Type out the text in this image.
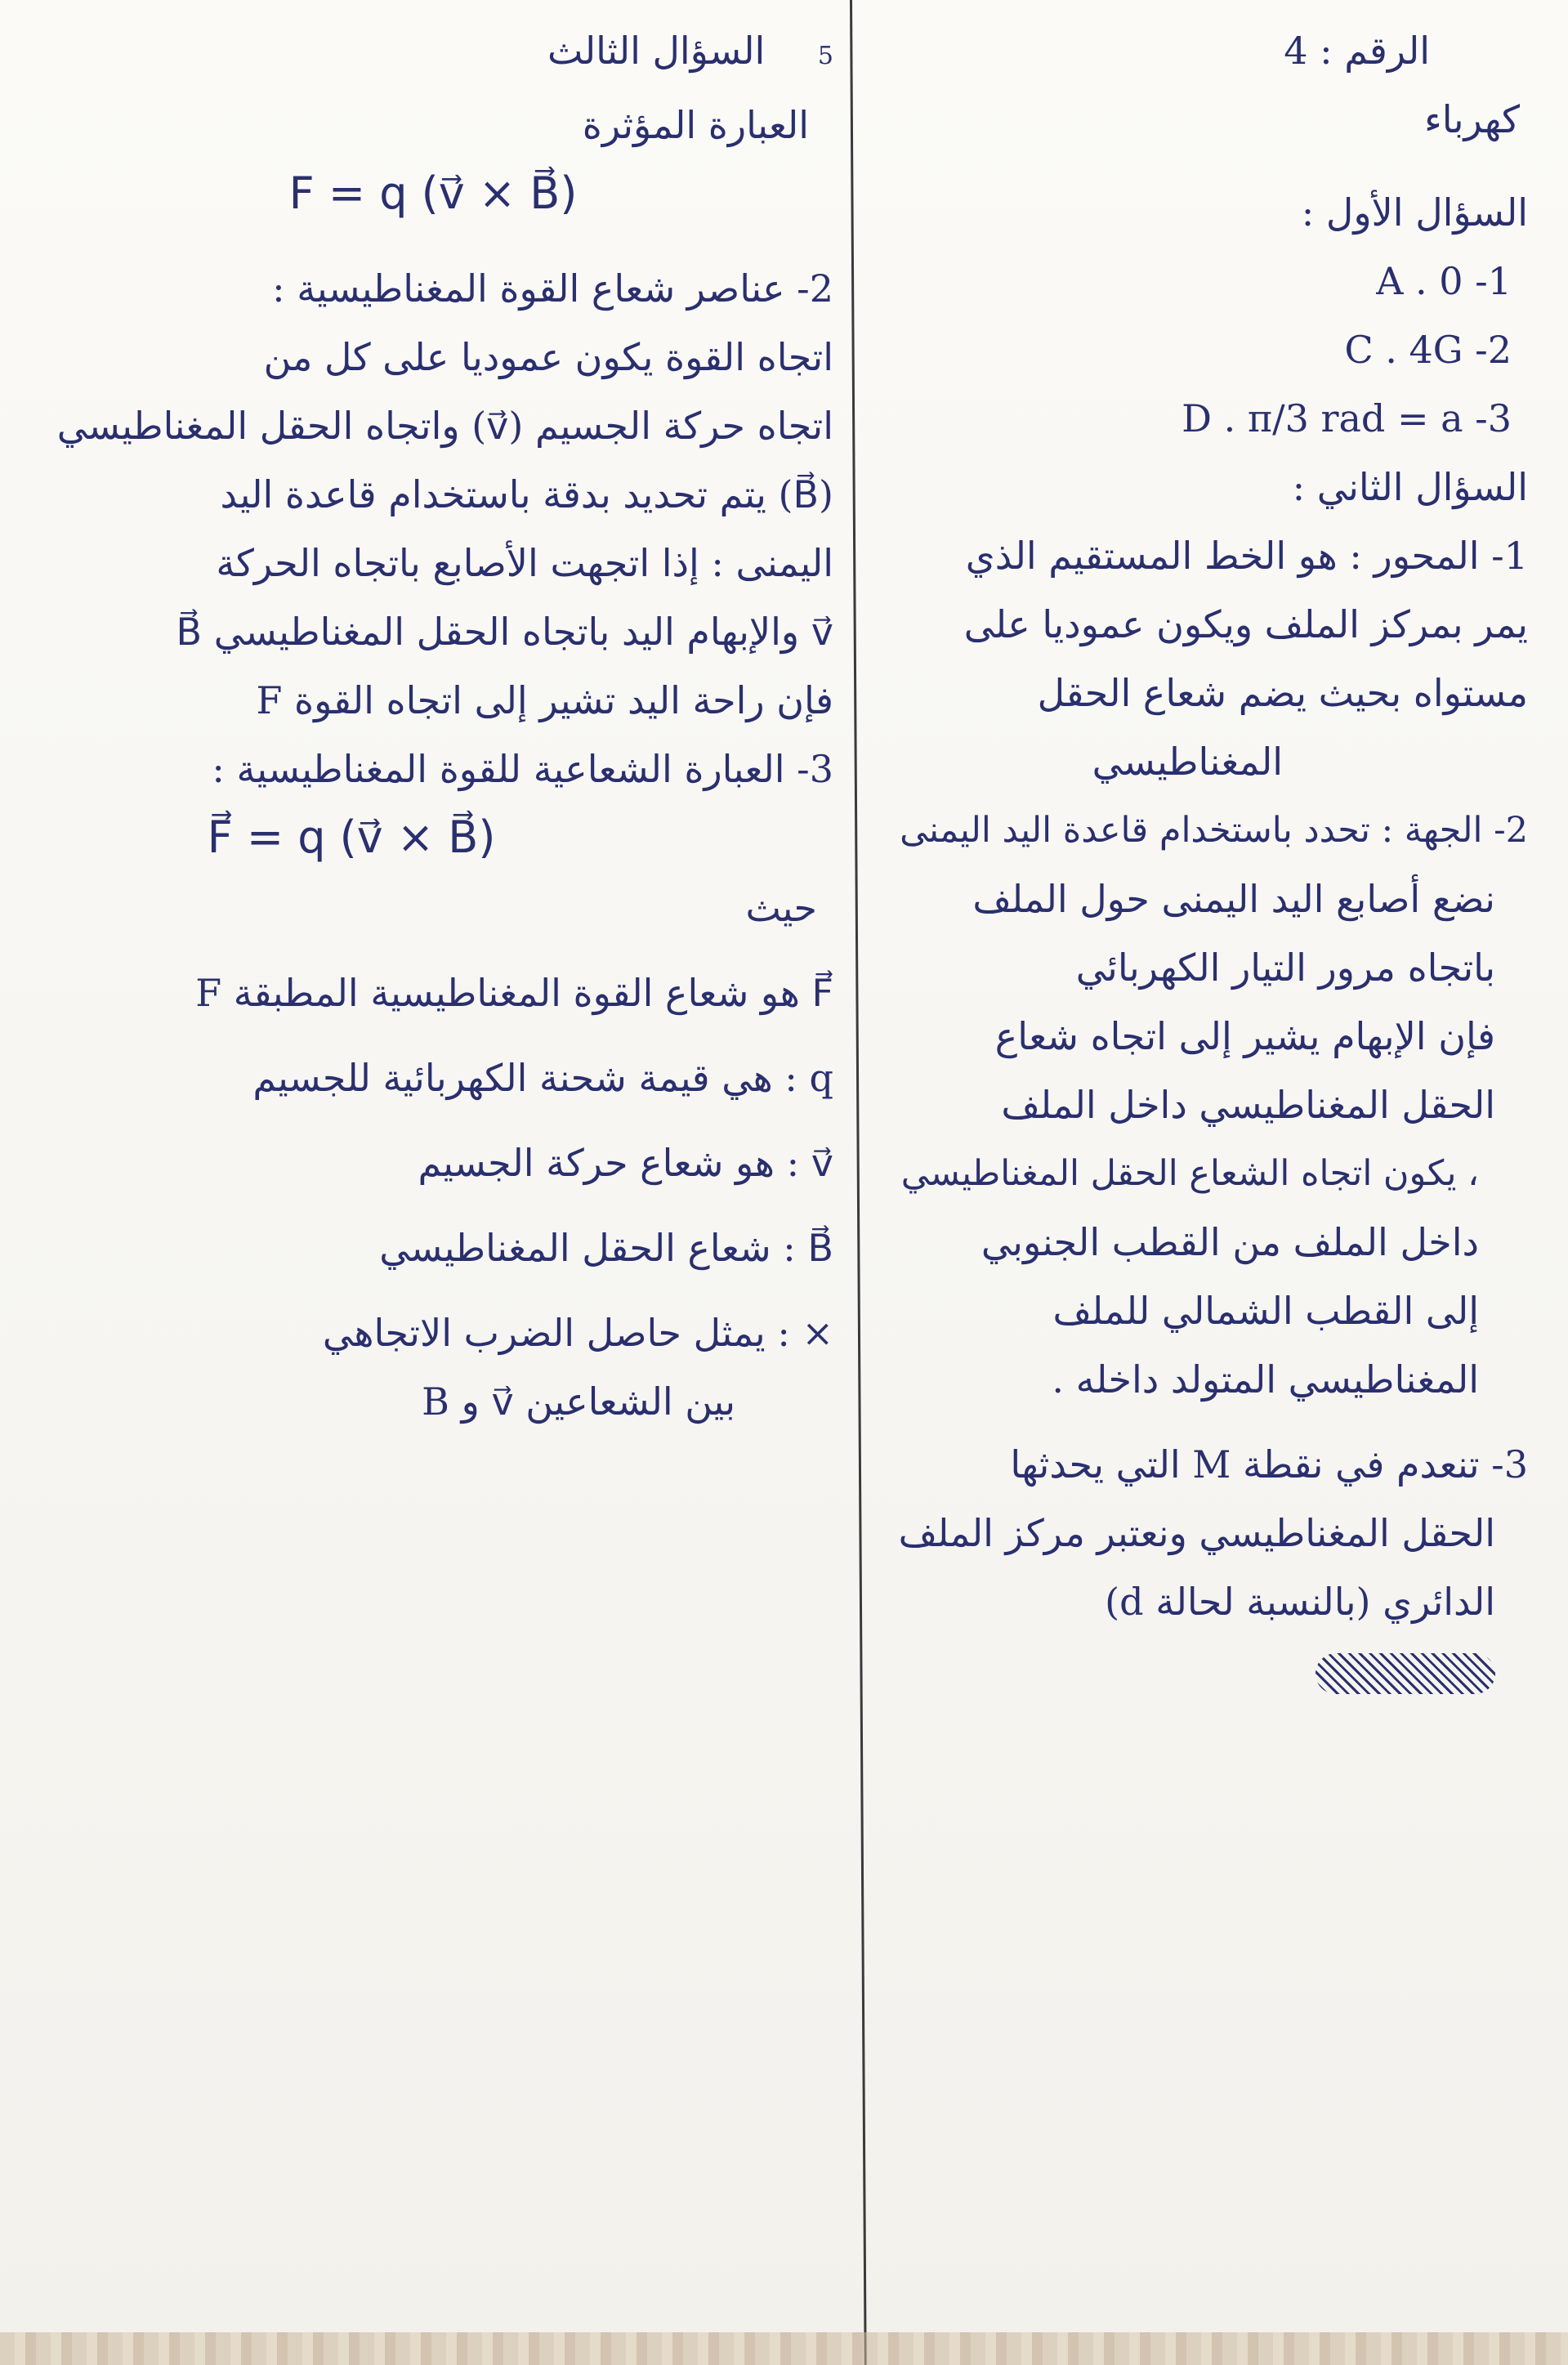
الرقم : 4
كهرباء
السؤال الأول :
1- A . 0
2- C . 4G
3- D . π/3 rad = a
السؤال الثاني :
1- المحور : هو الخط المستقيم الذي
يمر بمركز الملف ويكون عموديا على
مستواه بحيث يضم شعاع الحقل
المغناطيسي
2- الجهة : تحدد باستخدام قاعدة اليد اليمنى
نضع أصابع اليد اليمنى حول الملف
باتجاه مرور التيار الكهربائي
فإن الإبهام يشير إلى اتجاه شعاع
الحقل المغناطيسي داخل الملف
، يكون اتجاه الشعاع الحقل المغناطيسي
داخل الملف من القطب الجنوبي
إلى القطب الشمالي للملف
المغناطيسي المتولد داخله .
3- تنعدم في نقطة M التي يحدثها
الحقل المغناطيسي ونعتبر مركز الملف
الدائري (بالنسبة لحالة d)
5 السؤال الثالث
العبارة المؤثرة
F = q (v⃗ × B⃗)
2- عناصر شعاع القوة المغناطيسية :
اتجاه القوة يكون عموديا على كل من
اتجاه حركة الجسيم (v⃗) واتجاه الحقل المغناطيسي
(B⃗) يتم تحديد بدقة باستخدام قاعدة اليد
اليمنى : إذا اتجهت الأصابع باتجاه الحركة
v⃗ والإبهام اليد باتجاه الحقل المغناطيسي B⃗
فإن راحة اليد تشير إلى اتجاه القوة F
3- العبارة الشعاعية للقوة المغناطيسية :
F⃗ = q (v⃗ × B⃗)
حيث
F⃗ هو شعاع القوة المغناطيسية المطبقة F
q : هي قيمة شحنة الكهربائية للجسيم
v⃗ : هو شعاع حركة الجسيم
B⃗ : شعاع الحقل المغناطيسي
× : يمثل حاصل الضرب الاتجاهي
بين الشعاعين v⃗ و B
